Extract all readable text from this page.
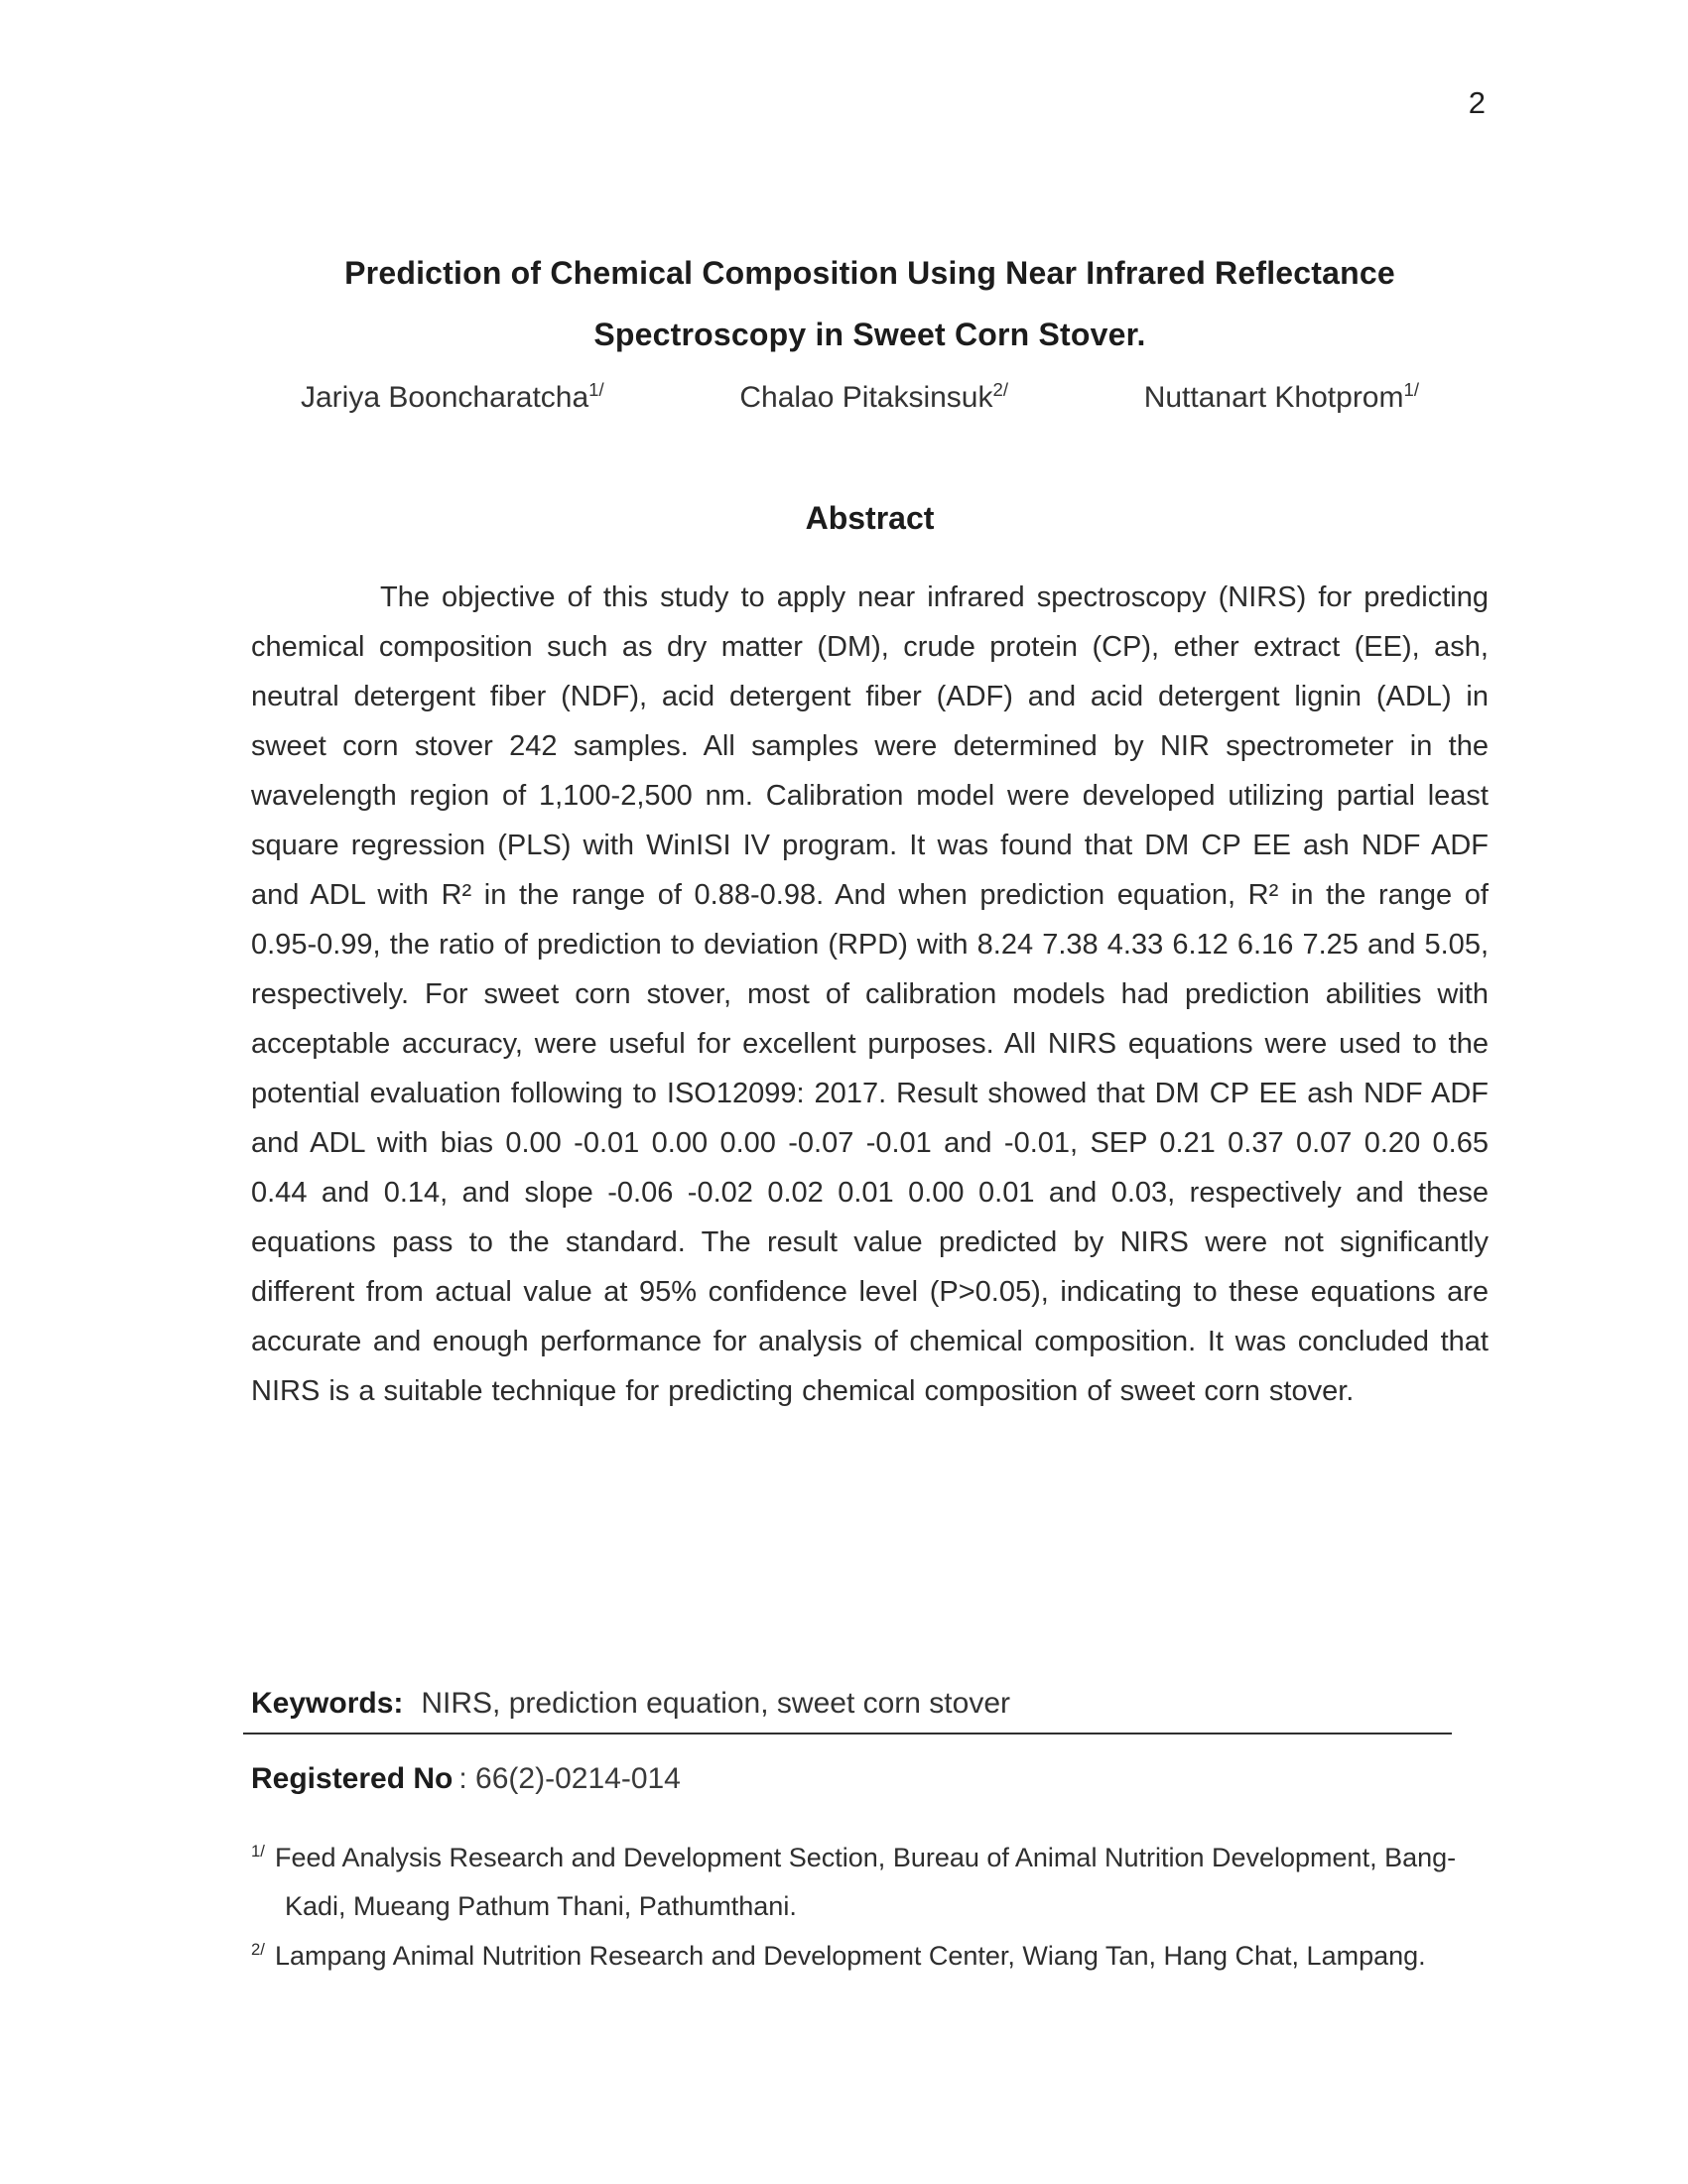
2
Prediction of Chemical Composition Using Near Infrared Reflectance Spectroscopy in Sweet Corn Stover.
Jariya Booncharatcha$^{1/}$	Chalao Pitaksinsuk$^{2/}$	Nuttanart Khotprom$^{1/}$
Abstract

The objective of this study to apply near infrared spectroscopy (NIRS) for predicting chemical composition such as dry matter (DM), crude protein (CP), ether extract (EE), ash, neutral detergent fiber (NDF), acid detergent fiber (ADF) and acid detergent lignin (ADL) in sweet corn stover 242 samples. All samples were determined by NIR spectrometer in the wavelength region of 1,100-2,500 nm. Calibration model were developed utilizing partial least square regression (PLS) with WinISI IV program. It was found that DM CP EE ash NDF ADF and ADL with R² in the range of 0.88-0.98. And when prediction equation, R² in the range of 0.95-0.99, the ratio of prediction to deviation (RPD) with 8.24 7.38 4.33 6.12 6.16 7.25 and 5.05, respectively. For sweet corn stover, most of calibration models had prediction abilities with acceptable accuracy, were useful for excellent purposes. All NIRS equations were used to the potential evaluation following to ISO12099: 2017. Result showed that DM CP EE ash NDF ADF and ADL with bias 0.00 -0.01 0.00 0.00 -0.07 -0.01 and -0.01, SEP 0.21 0.37 0.07 0.20 0.65 0.44 and 0.14, and slope -0.06 -0.02 0.02 0.01 0.00 0.01 and 0.03, respectively and these equations pass to the standard. The result value predicted by NIRS were not significantly different from actual value at 95% confidence level (P>0.05), indicating to these equations are accurate and enough performance for analysis of chemical composition. It was concluded that NIRS is a suitable technique for predicting chemical composition of sweet corn stover.

Keywords: NIRS, prediction equation, sweet corn stover
Registered No : 66(2)-0214-014
$^{1/}$ Feed Analysis Research and Development Section, Bureau of Animal Nutrition Development, Bang-Kadi, Mueang Pathum Thani, Pathumthani.
$^{2/}$ Lampang Animal Nutrition Research and Development Center, Wiang Tan, Hang Chat, Lampang.
